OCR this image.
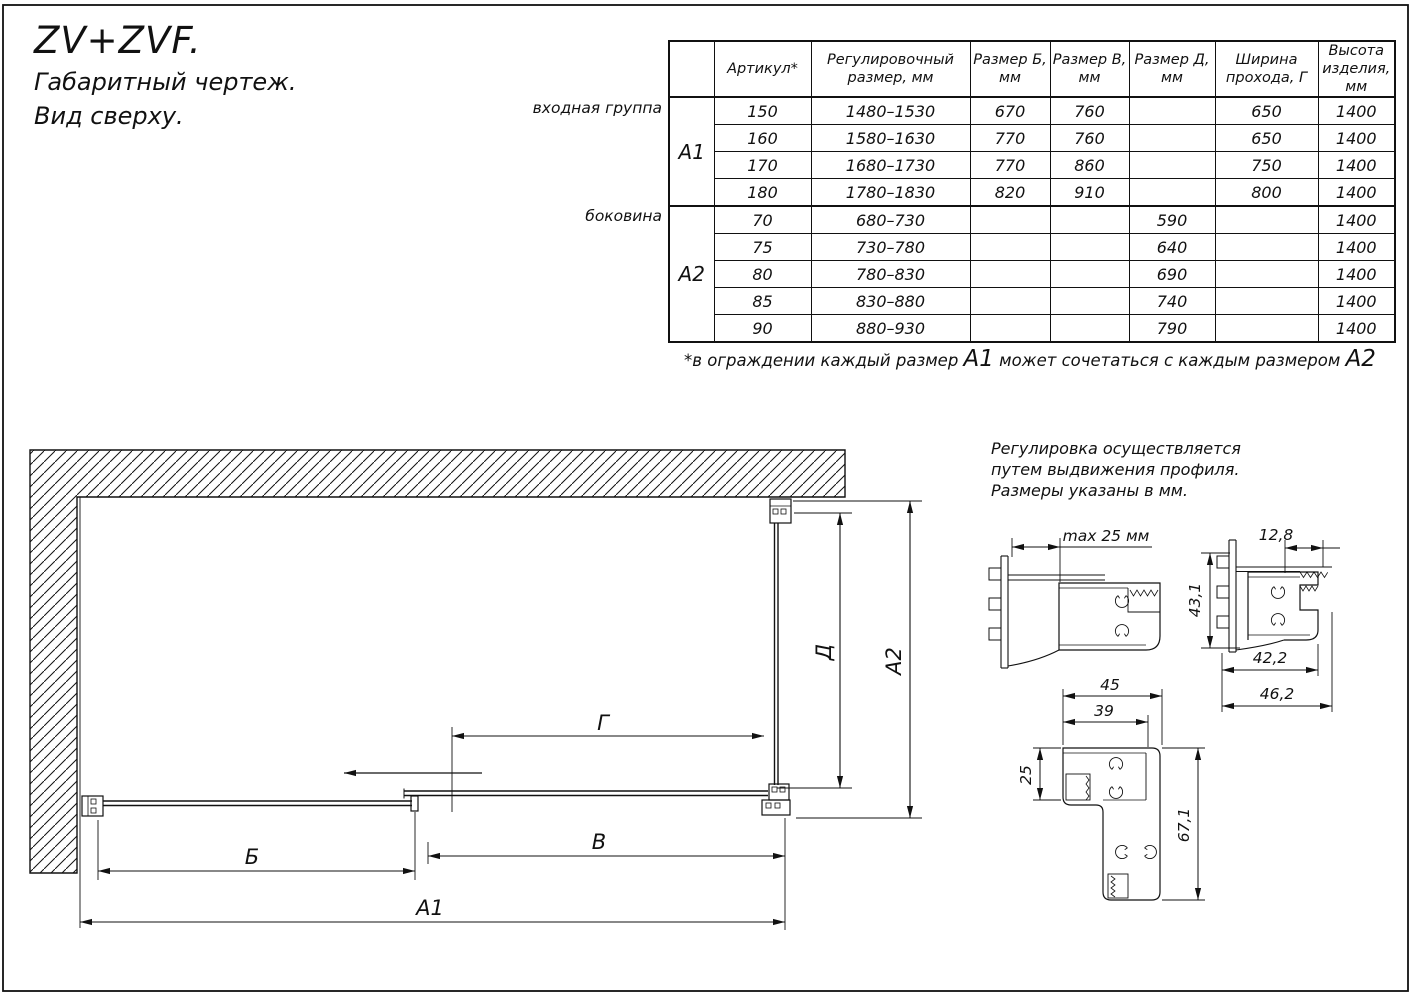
ZV+ZVF.
Габаритный чертеж.
Вид сверху.	входная группа
боковина
	Артикул*	Регулировочный размер, мм	Размер Б, мм	Размер В, мм	Размер Д, мм	Ширина прохода, Г	Высота изделия, мм
А1	150	1480–1530	670	760		650	1400
	160	1580–1630	770	760		650	1400
	170	1680–1730	770	860		750	1400
	180	1780–1830	820	910		800	1400
А2	70	680–730			590		1400
	75	730–780			640		1400
	80	780–830			690		1400
	85	830–880			740		1400
	90	880–930			790		1400
*в ограждении каждый размер А1 может сочетаться с каждым размером А2
Регулировка осуществляется
путем выдвижения профиля.
Размеры указаны в мм.
Г
Д А2
Б
В
А1
max 25 мм	12,8
43,1
42,2
46,2
45
39
25
67,1
